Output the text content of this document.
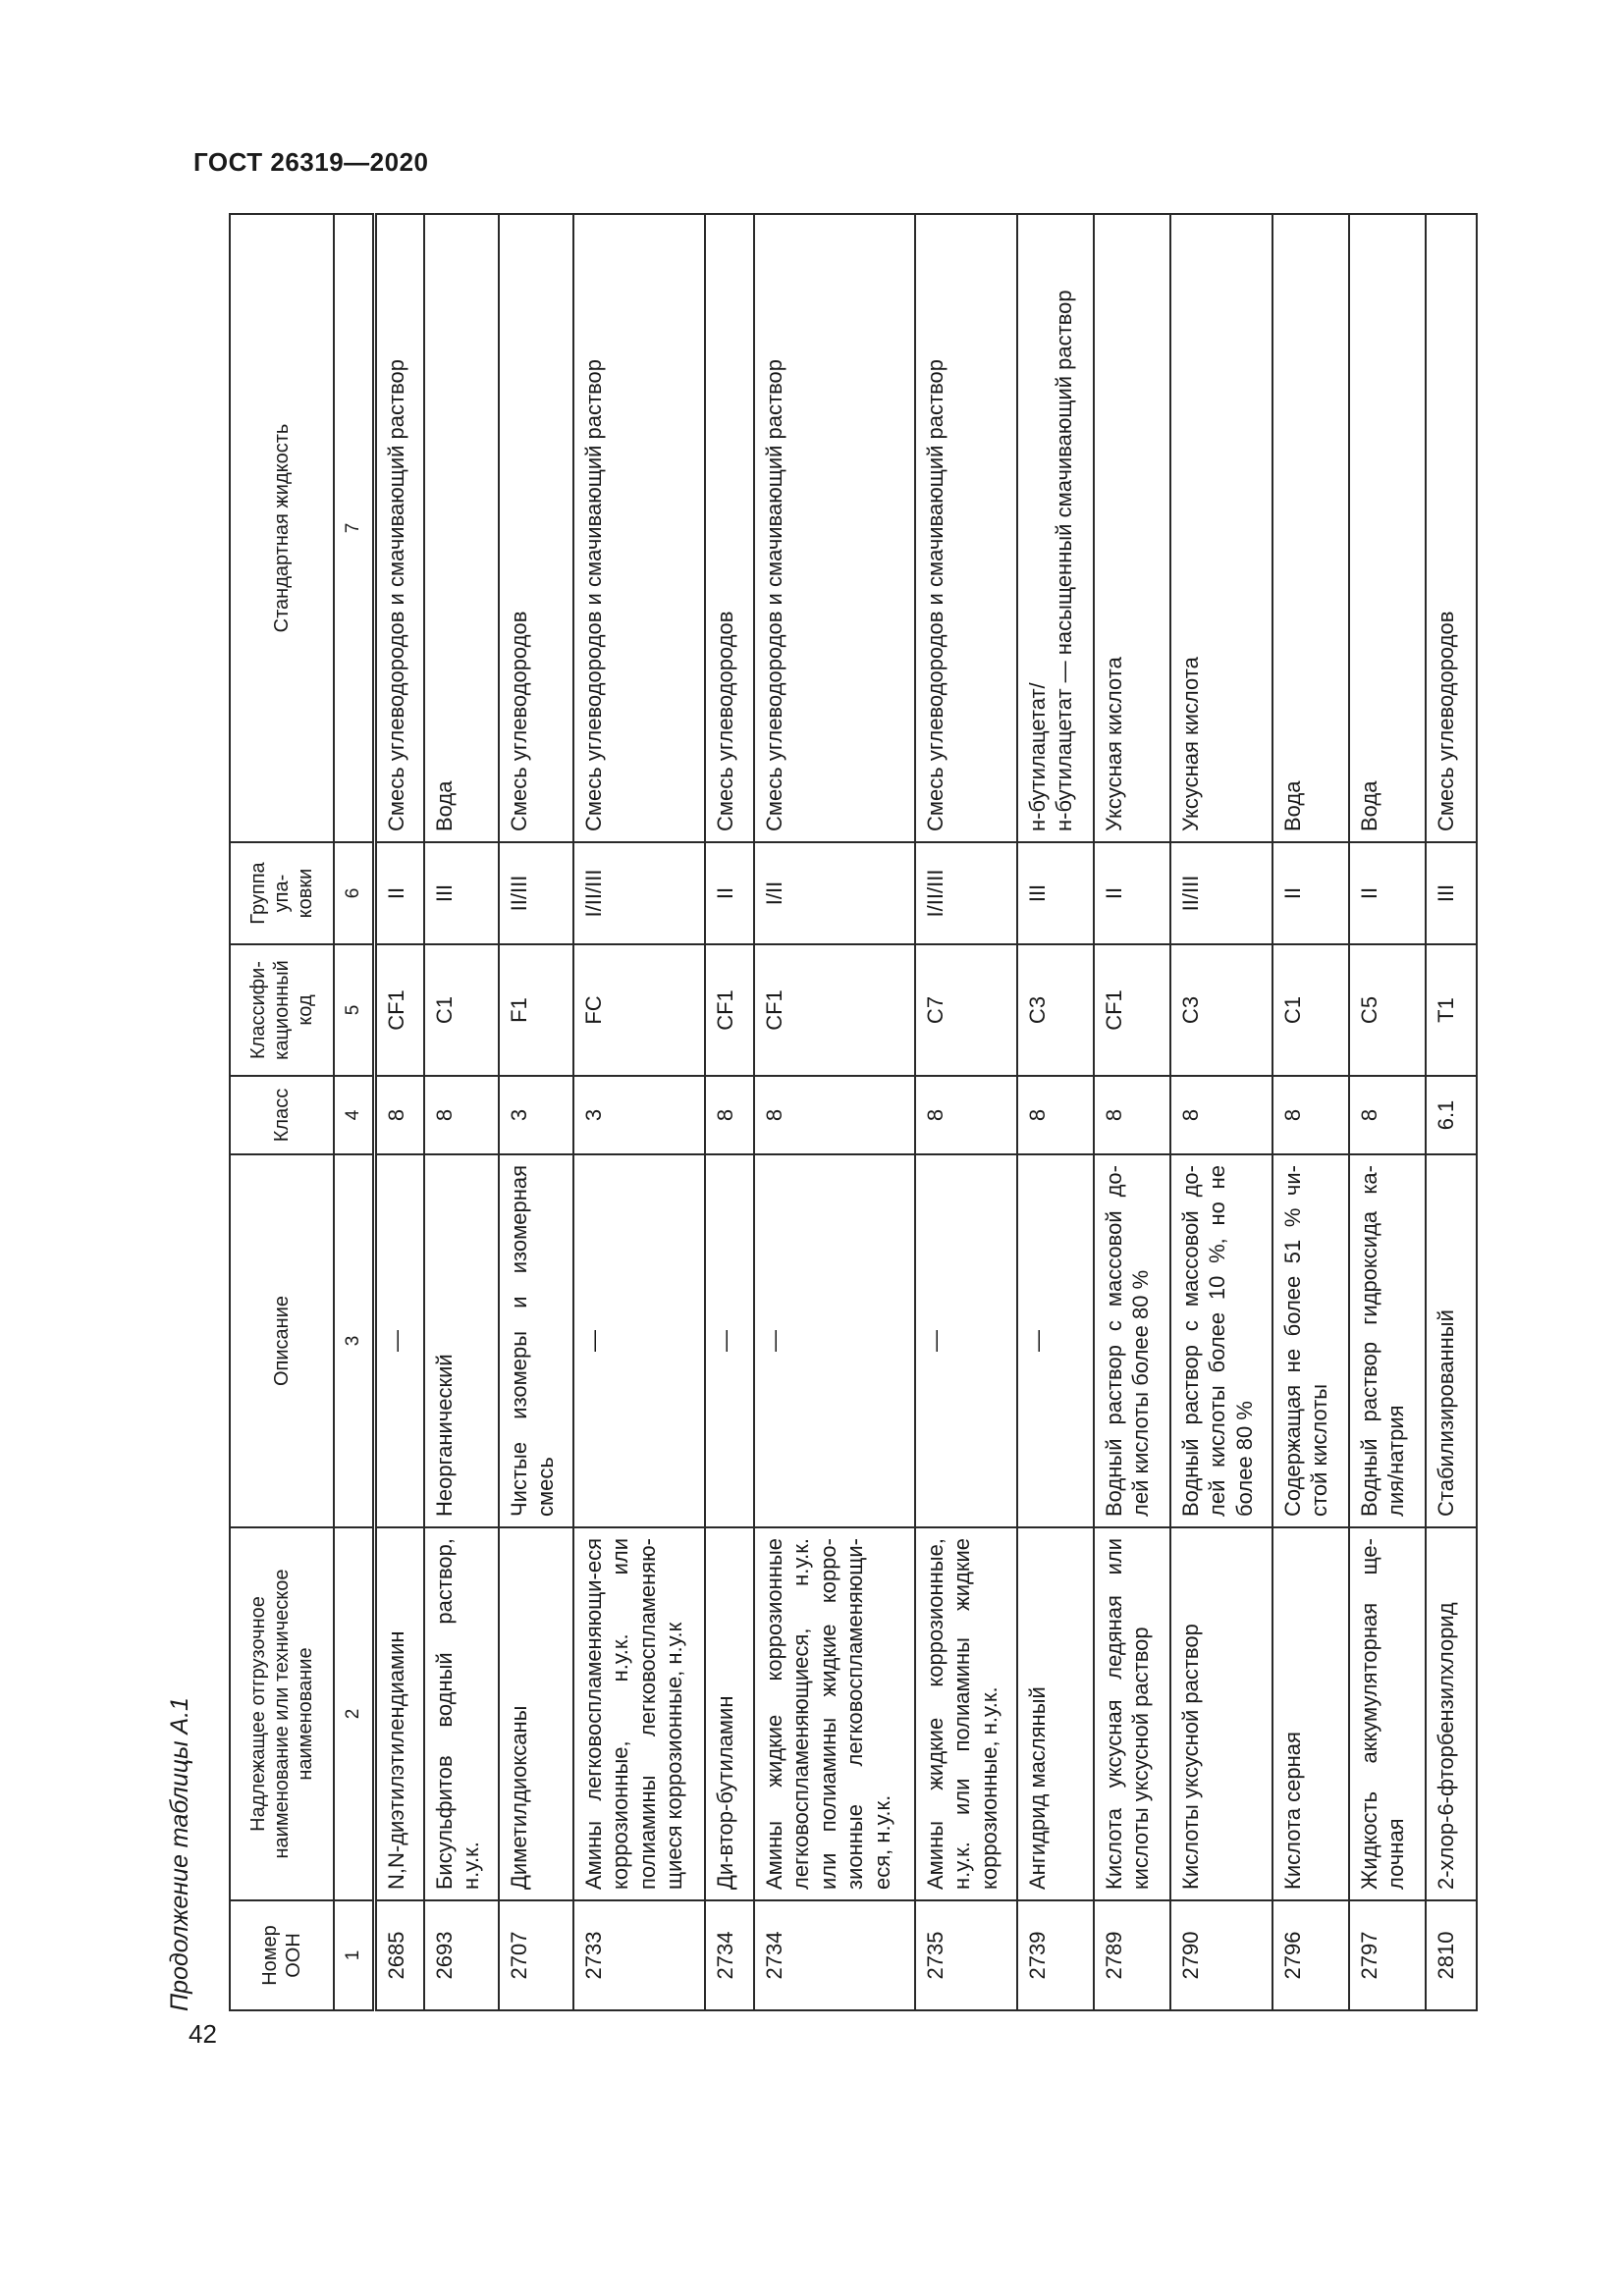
ГОСТ 26319—2020
42
Продолжение таблицы А.1	Номер ООН	Надлежащее отгрузочное наименование или техническое наименование	Описание	Класс	Классифи-кационный код	Группа упа-ковки	Стандартная жидкость
1	2	3	4	5	6	7
2685	N,N-диэтилэтилендиамин	—	8	CF1	II	Смесь углеводородов и смачивающий раствор
2693	Бисульфитов водный раствор, н.у.к.	Неорганический	8	C1	III	Вода
2707	Диметилдиоксаны	Чистые изомеры и изомерная смесь	3	F1	II/III	Смесь углеводородов
2733	Амины легковоспламеняющи-еся коррозионные, н.у.к. или полиамины легковоспламеняю-щиеся коррозионные, н.у.к	—	3	FC	I/II/III	Смесь углеводородов и смачивающий раствор
2734	Ди-втор-бутиламин	—	8	CF1	II	Смесь углеводородов
2734	Амины жидкие коррозионные легковоспламеняющиеся, н.у.к. или полиамины жидкие корро-зионные легковоспламеняющи-еся, н.у.к.	—	8	CF1	I/II	Смесь углеводородов и смачивающий раствор
2735	Амины жидкие коррозионные, н.у.к. или полиамины жидкие коррозионные, н.у.к.	—	8	C7	I/II/III	Смесь углеводородов и смачивающий раствор
2739	Ангидрид масляный	—	8	C3	III	н-бутилацетат/ н-бутилацетат — насыщенный смачивающий раствор

2789	Кислота уксусная ледяная или кислоты уксусной раствор	Водный раствор с массовой до-лей кислоты более 80 %	8	CF1	II	Уксусная кислота
2790	Кислоты уксусной раствор	Водный раствор с массовой до-лей кислоты более 10 %, но не более 80 %	8	C3	II/III	Уксусная кислота
2796	Кислота серная	Содержащая не более 51 % чи-стой кислоты	8	C1	II	Вода
2797	Жидкость аккумуляторная ще-лочная	Водный раствор гидроксида ка-лия/натрия	8	C5	II	Вода
2810	2-хлор-6-фторбензилхлорид	Стабилизированный	6.1	T1	III	Смесь углеводородов
